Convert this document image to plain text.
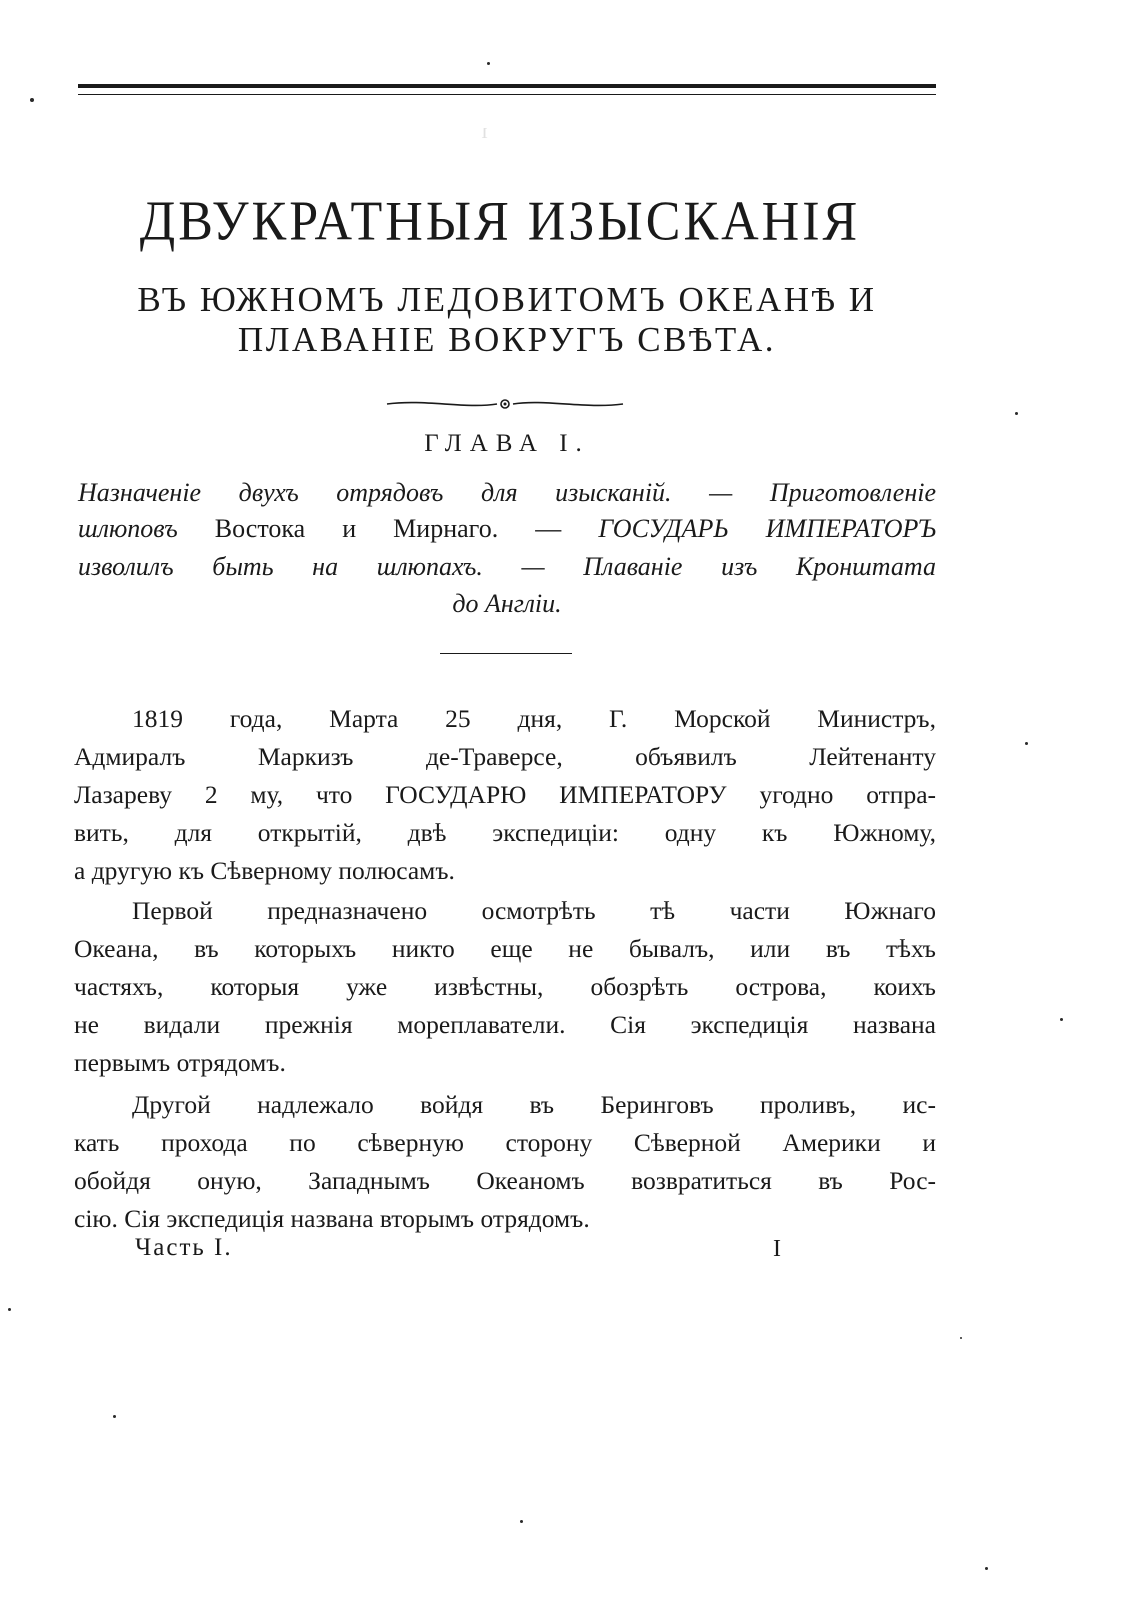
ı

ДВУКРАТНЫЯ ИЗЫСКАНІЯ
ВЪ ЮЖНОМЪ ЛЕДОВИТОМЪ ОКЕАНѢ И
ПЛАВАНІЕ ВОКРУГЪ СВѢТА.
ГЛАВА I.
Назначеніе двухъ отрядовъ для изысканій. — Приготовленіе
шлюповъ Востока и Мирнаго. — ГОСУДАРЬ ИМПЕРАТОРЪ
изволилъ быть на шлюпахъ. — Плаваніе изъ Кронштата
до Англіи.
1819 года, Марта 25 дня, Г. Морской Министръ,
Адмиралъ Маркизъ де-Траверсе, объявилъ Лейтенанту
Лазареву 2 му, что ГОСУДАРЮ ИМПЕРАТОРУ угодно отпра-
вить, для открытій, двѣ экспедиціи: одну къ Южному,
а другую къ Сѣверному полюсамъ.
Первой предназначено осмотрѣть тѣ части Южнаго
Океана, въ которыхъ никто еще не бывалъ, или въ тѣхъ
частяхъ, которыя уже извѣстны, обозрѣть острова, коихъ
не видали прежнія мореплаватели. Сія экспедиція названа
первымъ отрядомъ.
Другой надлежало войдя въ Беринговъ проливъ, ис-
кать прохода по сѣверную сторону Сѣверной Америки и
обойдя оную, Западнымъ Океаномъ возвратиться въ Рос-
сію. Сія экспедиція названа вторымъ отрядомъ.
Часть I.	I
